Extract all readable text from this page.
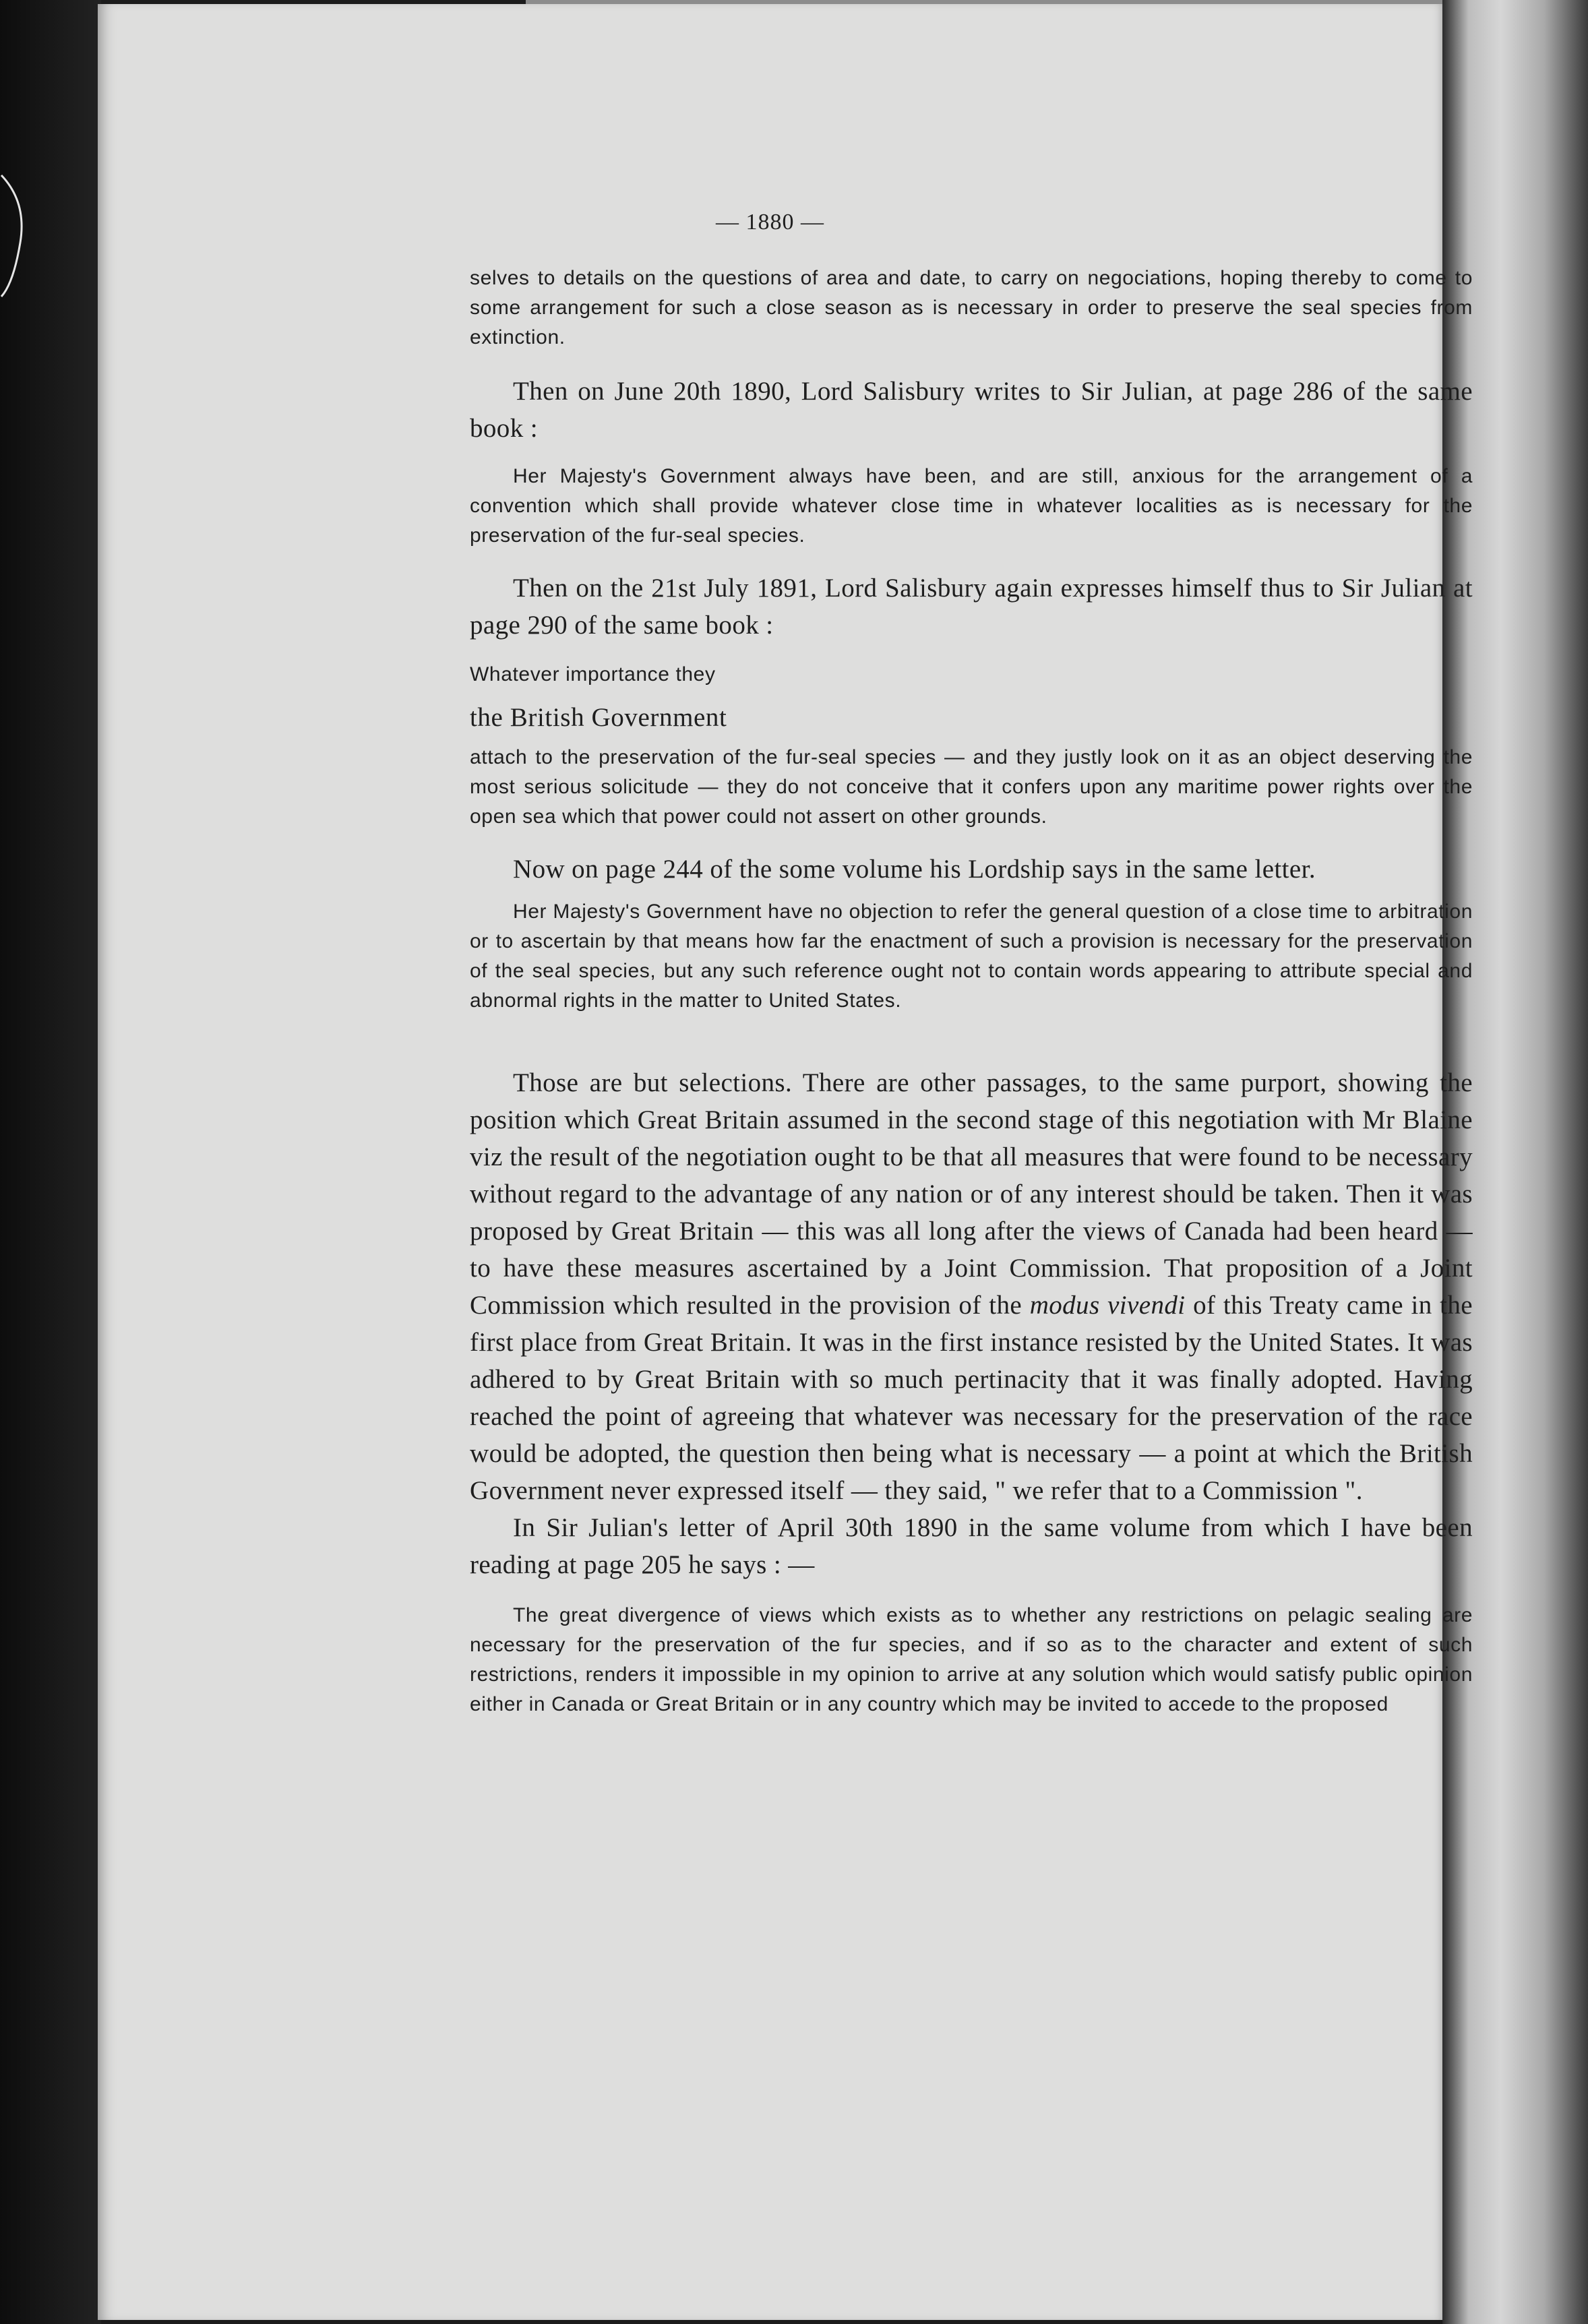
— 1880 —

selves to details on the questions of area and date, to carry on negociations, hoping thereby to come to some arrangement for such a close season as is necessary in order to preserve the seal species from extinction.

Then on June 20th 1890, Lord Salisbury writes to Sir Julian, at page 286 of the same book :

Her Majesty's Government always have been, and are still, anxious for the arrangement of a convention which shall provide whatever close time in whatever localities as is necessary for the preservation of the fur-seal species.

Then on the 21st July 1891, Lord Salisbury again expresses himself thus to Sir Julian at page 290 of the same book :

Whatever importance they

the British Government

attach to the preservation of the fur-seal species — and they justly look on it as an object deserving the most serious solicitude — they do not conceive that it confers upon any maritime power rights over the open sea which that power could not assert on other grounds.

Now on page 244 of the some volume his Lordship says in the same letter.

Her Majesty's Government have no objection to refer the general question of a close time to arbitration or to ascertain by that means how far the enactment of such a provision is necessary for the preservation of the seal species, but any such reference ought not to contain words appearing to attribute special and abnormal rights in the matter to United States.

Those are but selections. There are other passages, to the same purport, showing the position which Great Britain assumed in the second stage of this negotiation with Mr Blaine viz the result of the negotiation ought to be that all measures that were found to be necessary without regard to the advantage of any nation or of any interest should be taken. Then it was proposed by Great Britain — this was all long after the views of Canada had been heard — to have these measures ascertained by a Joint Commission. That proposition of a Joint Commission which resulted in the provision of the modus vivendi of this Treaty came in the first place from Great Britain. It was in the first instance resisted by the United States. It was adhered to by Great Britain with so much pertinacity that it was finally adopted. Having reached the point of agreeing that whatever was necessary for the preservation of the race would be adopted, the question then being what is necessary — a point at which the British Government never expressed itself — they said, " we refer that to a Commission ".

In Sir Julian's letter of April 30th 1890 in the same volume from which I have been reading at page 205 he says : —

The great divergence of views which exists as to whether any restrictions on pelagic sealing are necessary for the preservation of the fur species, and if so as to the character and extent of such restrictions, renders it impossible in my opinion to arrive at any solution which would satisfy public opinion either in Canada or Great Britain or in any country which may be invited to accede to the proposed
